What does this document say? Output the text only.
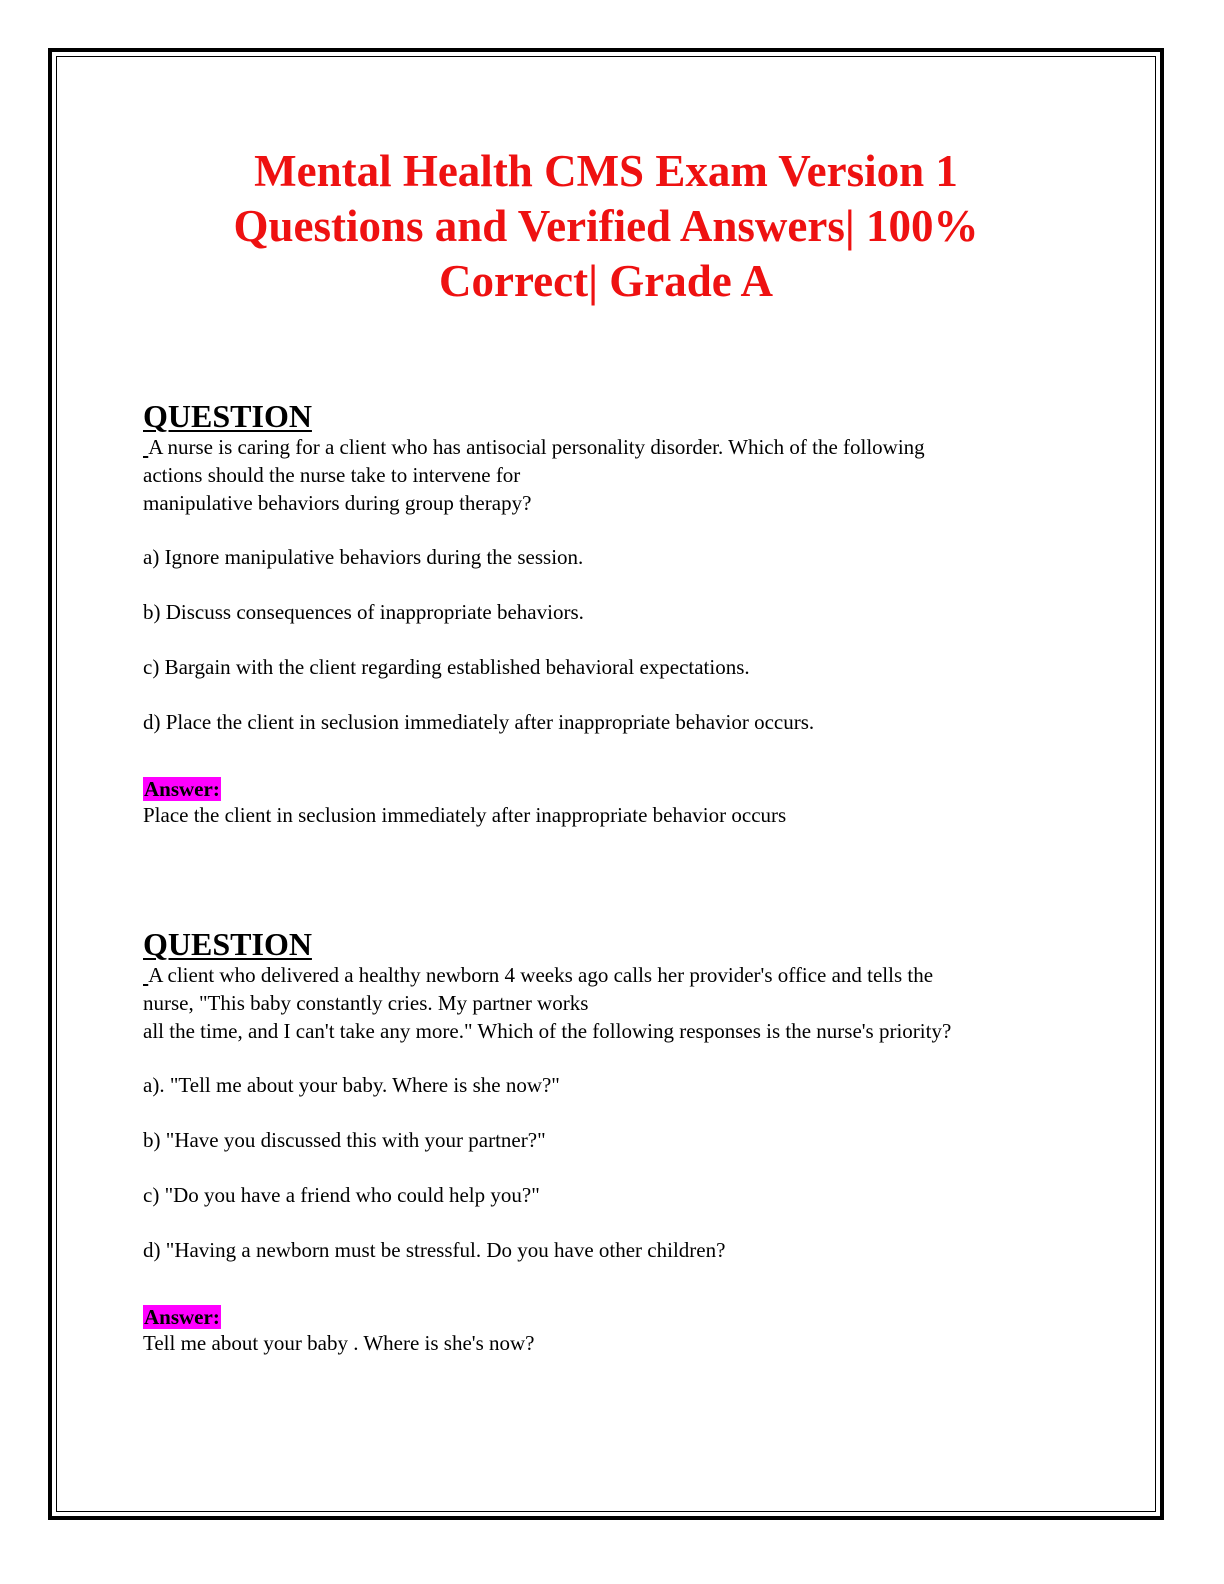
Mental Health CMS Exam Version 1
Questions and Verified Answers| 100%
Correct| Grade A

QUESTION

A nurse is caring for a client who has antisocial personality disorder. Which of the following
actions should the nurse take to intervene for
manipulative behaviors during group therapy?

a) Ignore manipulative behaviors during the session.

b) Discuss consequences of inappropriate behaviors.

c) Bargain with the client regarding established behavioral expectations.

d) Place the client in seclusion immediately after inappropriate behavior occurs.

Answer:

Place the client in seclusion immediately after inappropriate behavior occurs

QUESTION

A client who delivered a healthy newborn 4 weeks ago calls her provider's office and tells the
nurse, "This baby constantly cries. My partner works
all the time, and I can't take any more." Which of the following responses is the nurse's priority?

a). "Tell me about your baby. Where is she now?"

b) "Have you discussed this with your partner?"

c) "Do you have a friend who could help you?"

d) "Having a newborn must be stressful. Do you have other children?

Answer:

Tell me about your baby . Where is she's now?
